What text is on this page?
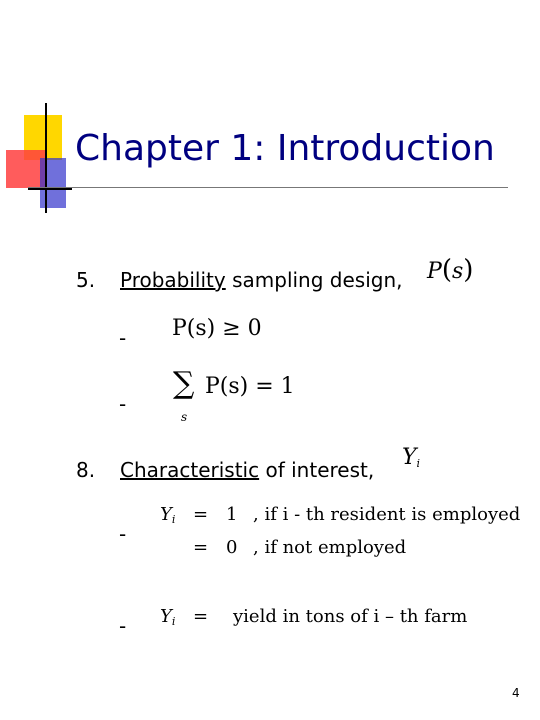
Chapter 1: Introduction
5. Probability sampling design, P(s)
- P(s) ≥ 0
-
∑
s
P(s) = 1
8. Characteristic of interest, $Y_i$
-
$Y_i = 1$ , if i - th resident is employed
= 0 , if not employed
- $Y_i$ = yield in tons of i – th farm
4
